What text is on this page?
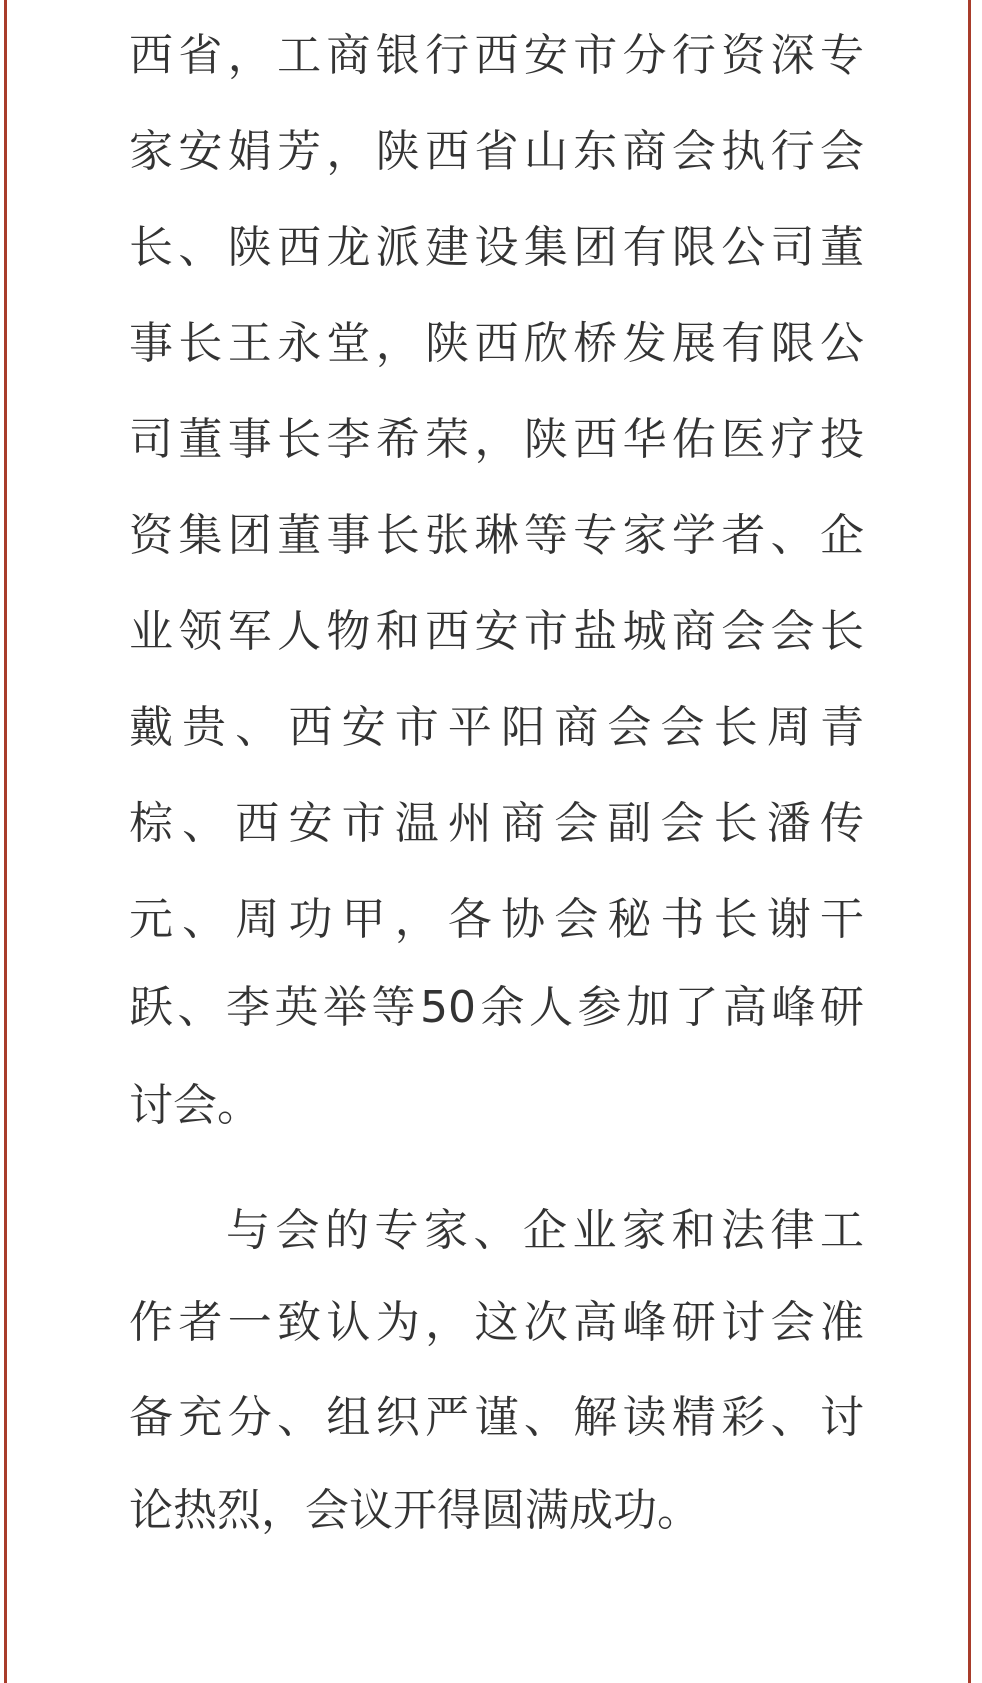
西省，工商银行西安市分行资深专
家安娟芳，陕西省山东商会执行会
长、陕西龙派建设集团有限公司董
事长王永堂，陕西欣桥发展有限公
司董事长李希荣，陕西华佑医疗投
资集团董事长张琳等专家学者、企
业领军人物和西安市盐城商会会长
戴贵、西安市平阳商会会长周青
棕、西安市温州商会副会长潘传
元、周功甲，各协会秘书长谢干
跃、李英举等50余人参加了高峰研
讨会。
与会的专家、企业家和法律工
作者一致认为，这次高峰研讨会准
备充分、组织严谨、解读精彩、讨
论热烈，会议开得圆满成功。
